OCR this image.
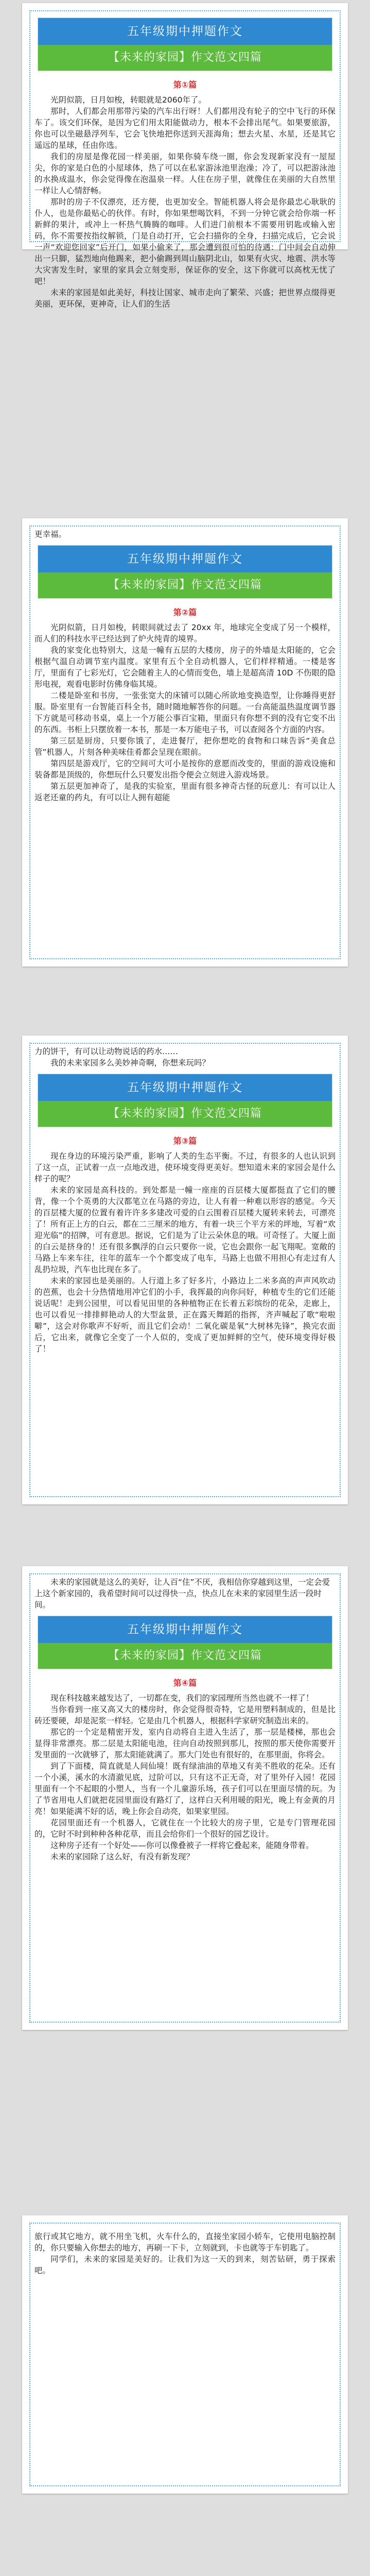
五年级期中押题作文
【未来的家园】作文范文四篇
第①篇

光阴似箭，日月如梭，转眼就是2060年了。

那时，人们都会用那带污染的汽车出行呀！人们都用没有轮子的空中飞行的环保车了。该交们环保，是因为它们用太阳能做动力，根本不会排出尾气。如果要旅游，你也可以坐磁悬浮列车，它会飞快地把你送到天涯海角；想去火星、水星，还是其它遥远的星球，任由你选。

我们的房屋是像花园一样美丽，如果你骑车绕一圈，你会发现新家没有一屋屋尖，你的家是白色的小屋球体，热了可以在私家游泳池里泡澡；冷了，可以把游泳池的水换成温水，你会觉得像在泡温泉一样。人住在房子里，就像住在美丽的大自然里一样让人心情舒畅。

那时的房子不仅漂亮，还方便，也更加安全。智能机器人将会是你最忠心耿耿的仆人，也是你最贴心的伙伴。有时，你如果想喝饮料，不到一分钟它就会给你端一杯新鲜的果汁，或冲上一杯热气腾腾的咖啡。人们进门前根本不需要用钥匙或输入密码，你不需要按指纹解锁，门是自动打开，它会扫描你的全身，扫描完成后，它会说一声“欢迎您回家”后开门，如果小偷来了，那会遭到很可怕的待遇：门中间会自动伸出一只脚，猛烈地向他踢来，把小偷踢到周山脑阴北山，如果有火灾、地震、洪水等大灾害发生时，家里的家具会立刻变形，保证你的安全，这下你就可以高枕无忧了吧！

未来的家园是如此美好，科技让国家、城市走向了繁荣、兴盛；把世界点缀得更美丽，更环保，更神奇，让人们的生活

更幸福。

五年级期中押题作文
【未来的家园】作文范文四篇
第②篇

光阴似箭，日月如梭，转眼间就过去了 20xx 年，地球完全变成了另一个模样，而人们的科技水平已经达到了炉火纯青的境界。

我的家变化也特别大，这是一幢有五层的大楼房，房子的外墙是太阳能的，它会根据气温自动调节室内温度。家里有五个全自动机器人，它们样样精通。一楼是客厅，里面有了七彩光灯，它会随着主人的心情而变色，墙上是超高清 10D 不伤眼的隐形电视，观看电影时仿佛身临其境。

二楼是卧室和书房，一张张宽大的床铺可以随心所欲地变换造型，让你睡得更舒服。卧室里有一台智能百科全书，随时随地解答你的问题。一台高能温热温度调节器下方就是可移动书桌，桌上一个万能公事百宝箱，里面只有你想不到的没有它变不出的东西。书柜上只摆放着一本书，那是一本万能电子书，可以查阅各个方面的内容。

第三层是厨房，只要你饿了，走进餐厅，把你想吃的食物和口味告诉“美食总管”机器人，片刻各种美味佳肴都会呈现在眼前。

第四层是游戏厅，它的空间可大可小是按你的意愿而改变的，里面的游戏设施和装备都是顶级的，你想玩什么只要发出指令便会立刻进入游戏场景。

第五层更加神奇了，是我的实验室，里面有很多神奇古怪的玩意儿：有可以让人返老还童的药丸，有可以让人拥有超能

力的饼干，有可以让动物说话的药水……
我的未来家园多么美妙神奇啊，你想来玩吗？

五年级期中押题作文
【未来的家园】作文范文四篇
第③篇

现在身边的环境污染严重，影响了人类的生态平衡。不过，有很多的人也认识到了这一点，正试着一点一点地改进，使环境变得更美好。想知道未来的家园会是什么样子的呢？

未来的家园是高科技的。到处都是一幢一座座的百层楼大厦都挺直了它们的腰背，像一个个英勇的大汉都笔立在马路的旁边，让人有着一种难以形容的感觉。今天的百层楼大厦的位置有着许许多多建改可爱的白云围着百层楼大厦转来转去，可漂亮了！所有正上方的白云，都在二三厘米的地方，有着一块三个平方米的坪地，写着“欢迎光临”的招牌，可有意思。据说，它们是为了让云朵休息的哦。可奇怪了。大厦上面的白云是挤身的！还有很多飘浮的白云只要你一说，它也会跟你一起飞翔呢。宽敞的马路上车来车往，往年的蓝车一个个都变成了电车，马路上也做不用担心有走过有人乱扔垃圾，汽车也比现在多了。

未来的家园也是美丽的。人行道上多了好多片，小路边上二米多高的声声风吹动的芭蕉，也会十分热情地用冲它们的小手，我挥最的向你问好，种植专生的它们还能说话呢！走到公园里，可以看见田里的各种植物正在长着五彩缤纷的花朵，走廊上，也可以看见一排排鲜艳动人的大型盆景，正在露天舞蹈的指挥，齐声喊起了歌“啦啦噼”，这会对你歌声不好听，而且它们会动！二氧化碳是氧“大树林先锋”，换完农面后，它出来，就像它全变了一个人似的，变成了更加鲜鲜的空气，使环境变得好极了！

未来的家园就是这么的美好，让人百“住”不厌，我相信你穿越到这里，一定会爱上这个新家园的，我希望时间可以过得快一点，快点儿在未来的家园里生活一段时间。

五年级期中押题作文
【未来的家园】作文范文四篇
第④篇

现在科技越来越发达了，一切都在变，我们的家园理所当然也就不一样了！

当你看到一座又高又大的楼房时，你会觉得很奇特，它是用塑料制成的，但是比砖还要硬，却是泥浆一样轻。它是由几个机器人，根据科学家研究制造出来的。

那它的一个定是精密开发，室内自动将自主进入生活了，那一层是楼梯，那也会显得非常漂亮。那二层是太阳能电池，往向自动按照到那儿，按照的那天使你需要开发里面的一次就够了，那太阳能就满了。那大门处也有很好的，在那里面，你将会。

到了下面楼，简直就是人间仙境！既有绿油油的草地又有美不胜收的花朵。还有一个小溪，溪水的水清澈见底，过阶可以，只有这不正无奇，对了里外仔入园！花园里面有一个不起眼的小塑人，当有一个儿童游乐场，孩子们可以在里面尽情的玩。为了节省用电人们就把花园里面设有路灯了，这样白天利用暖的阳光，晚上有金黄的月亮！如果能满不好的话，晚上你会自动亮，如果家里园。

花园里面还有一个机器人，它就住在一个比较大的房子里，它是专门管理花园的，它时不时到种种各种花草，而且会给你们一个很好的园艺设计。

这种房子还有一个好处——你可以像叠被子一样将它叠起来，能随身带着。

未来的家园除了这么好，有没有新发现？

旅行或其它地方，就不用坐飞机，火车什么的，直接坐家园小轿车，它使用电脑控制的，你只要输入你想去的地方，再刷一下卡，立刻就到，卡也就等于车钥匙了。

同学们，未来的家园是美好的。让我们为这一天的到来，刻苦钻研，勇于探索吧。
